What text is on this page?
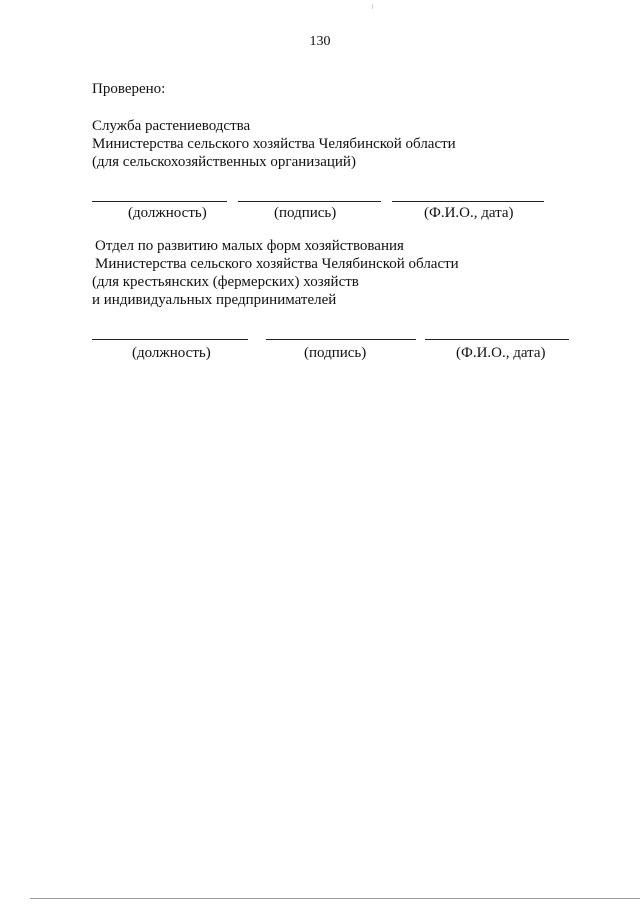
130
Проверено:
Служба растениеводства
Министерства сельского хозяйства Челябинской области
(для сельскохозяйственных организаций)
(должность)	(подпись)	(Ф.И.О., дата)
Отдел по развитию малых форм хозяйствования
Министерства сельского хозяйства Челябинской области
(для крестьянских (фермерских) хозяйств
и индивидуальных предпринимателей
(должность)	(подпись)	(Ф.И.О., дата)
